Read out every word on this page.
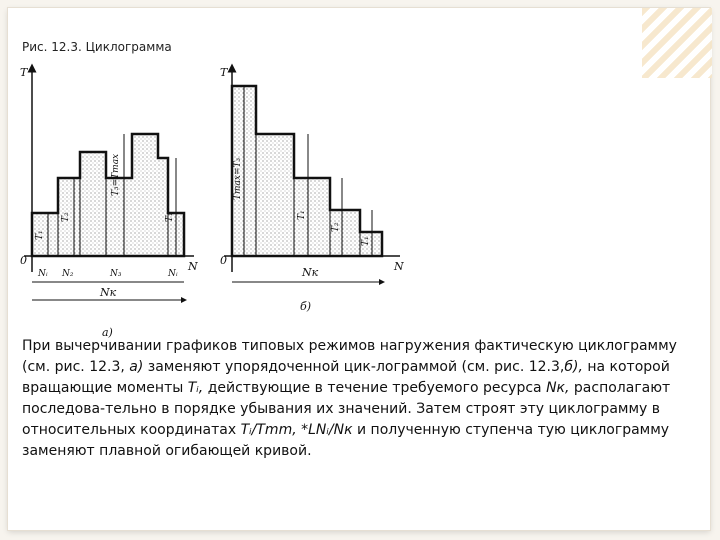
Рис. 12.3. Циклограмма
T
0	N
T₁
T₂
T₃=Tmax
T₁
Nᵢ N₂	N₃	Nᵢ
Nк
а)
T
0	N
Tmax=T₃
T₁
T₂
T₁
Nк
б)
При вычерчивании графиков типовых режимов нагружения фактическую циклограмму (см. рис. 12.3, а) заменяют упорядоченной цик-лограммой (см. рис. 12.3,б), на которой вращающие моменты Tᵢ, действующие в течение требуемого ресурса Nк, располагают последова-тельно в порядке убывания их значений. Затем строят эту циклограмму в относительных координатах Tᵢ/Tmm, *LNᵢ/Nк и полученную ступенча тую циклограмму заменяют плавной огибающей кривой.
